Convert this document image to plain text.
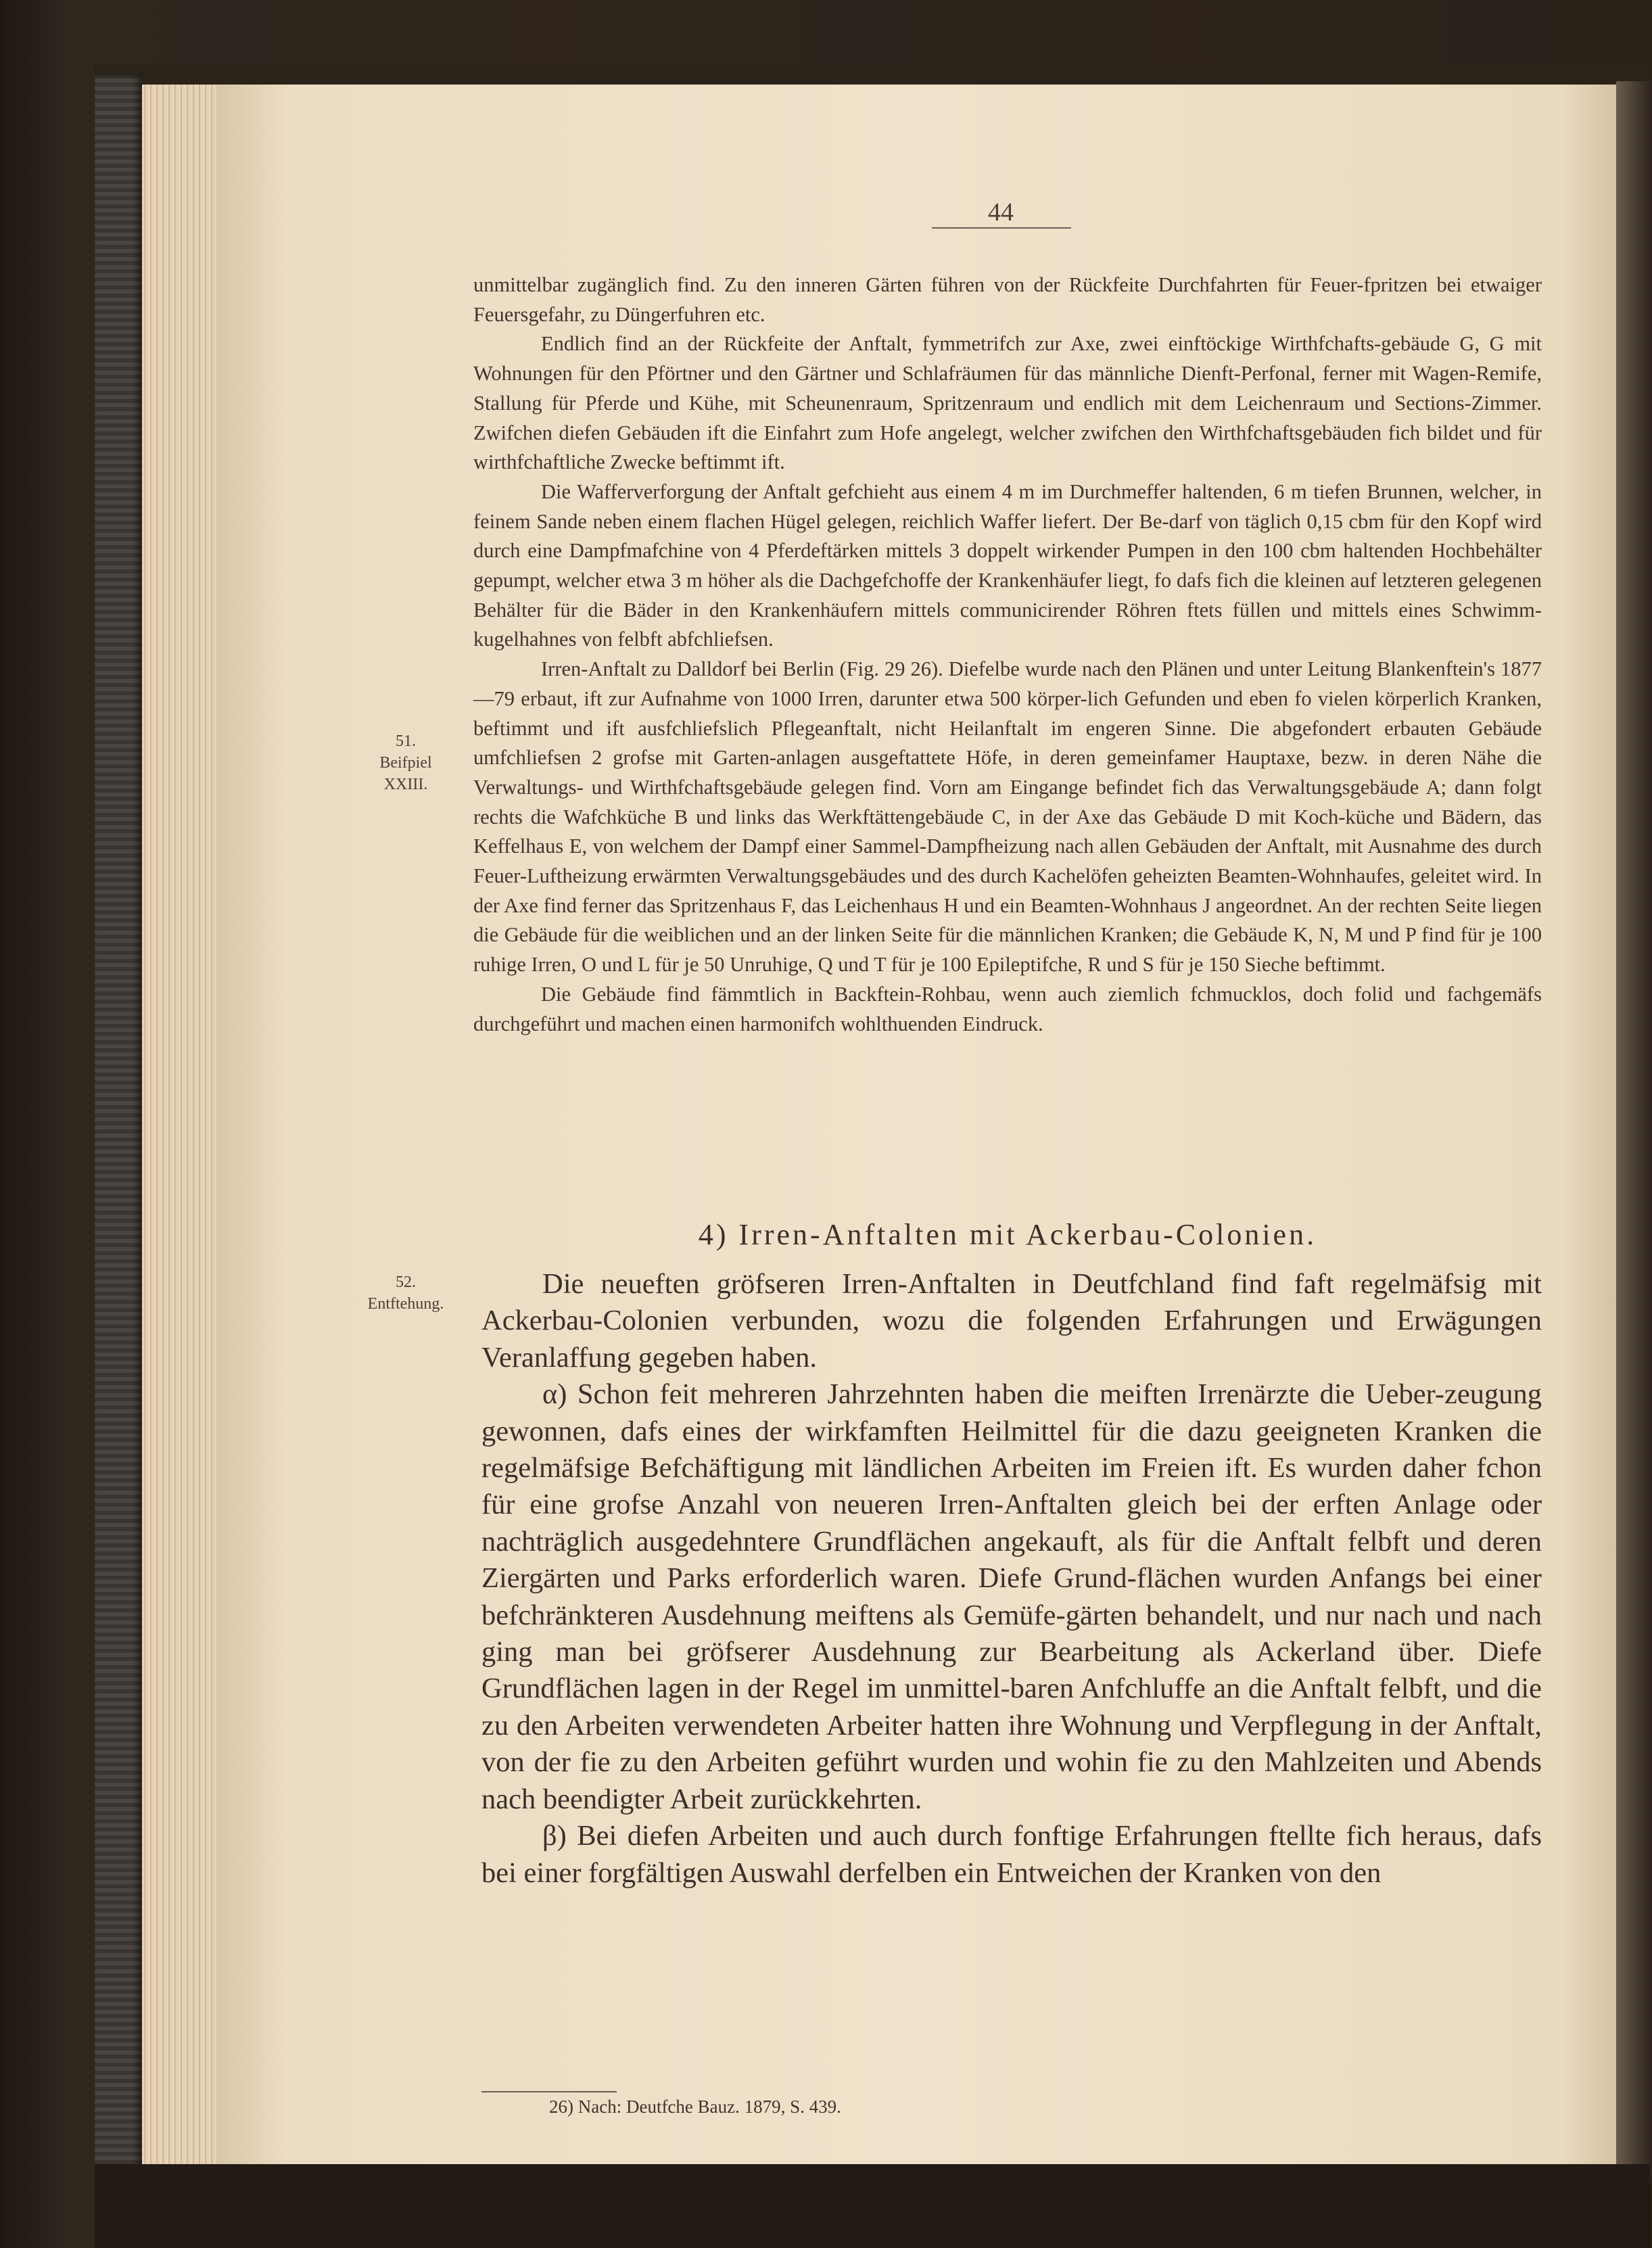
44

unmittelbar zugänglich find. Zu den inneren Gärten führen von der Rückfeite Durchfahrten für Feuer-fpritzen bei etwaiger Feuersgefahr, zu Düngerfuhren etc.

Endlich find an der Rückfeite der Anftalt, fymmetrifch zur Axe, zwei einftöckige Wirthfchafts-gebäude G, G mit Wohnungen für den Pförtner und den Gärtner und Schlafräumen für das männliche Dienft-Perfonal, ferner mit Wagen-Remife, Stallung für Pferde und Kühe, mit Scheunenraum, Spritzenraum und endlich mit dem Leichenraum und Sections-Zimmer. Zwifchen diefen Gebäuden ift die Einfahrt zum Hofe angelegt, welcher zwifchen den Wirthfchaftsgebäuden fich bildet und für wirthfchaftliche Zwecke beftimmt ift.

Die Wafferverforgung der Anftalt gefchieht aus einem 4 m im Durchmeffer haltenden, 6 m tiefen Brunnen, welcher, in feinem Sande neben einem flachen Hügel gelegen, reichlich Waffer liefert. Der Be-darf von täglich 0,15 cbm für den Kopf wird durch eine Dampfmafchine von 4 Pferdeftärken mittels 3 doppelt wirkender Pumpen in den 100 cbm haltenden Hochbehälter gepumpt, welcher etwa 3 m höher als die Dachgefchoffe der Krankenhäufer liegt, fo dafs fich die kleinen auf letzteren gelegenen Behälter für die Bäder in den Krankenhäufern mittels communicirender Röhren ftets füllen und mittels eines Schwimm-kugelhahnes von felbft abfchliefsen.

Irren-Anftalt zu Dalldorf bei Berlin (Fig. 29 26). Diefelbe wurde nach den Plänen und unter Leitung Blankenftein's 1877—79 erbaut, ift zur Aufnahme von 1000 Irren, darunter etwa 500 körper-lich Gefunden und eben fo vielen körperlich Kranken, beftimmt und ift ausfchliefslich Pflegeanftalt, nicht Heilanftalt im engeren Sinne. Die abgefondert erbauten Gebäude umfchliefsen 2 grofse mit Garten-anlagen ausgeftattete Höfe, in deren gemeinfamer Hauptaxe, bezw. in deren Nähe die Verwaltungs- und Wirthfchaftsgebäude gelegen find. Vorn am Eingange befindet fich das Verwaltungsgebäude A; dann folgt rechts die Wafchküche B und links das Werkftättengebäude C, in der Axe das Gebäude D mit Koch-küche und Bädern, das Keffelhaus E, von welchem der Dampf einer Sammel-Dampfheizung nach allen Gebäuden der Anftalt, mit Ausnahme des durch Feuer-Luftheizung erwärmten Verwaltungsgebäudes und des durch Kachelöfen geheizten Beamten-Wohnhaufes, geleitet wird. In der Axe find ferner das Spritzenhaus F, das Leichenhaus H und ein Beamten-Wohnhaus J angeordnet. An der rechten Seite liegen die Gebäude für die weiblichen und an der linken Seite für die männlichen Kranken; die Gebäude K, N, M und P find für je 100 ruhige Irren, O und L für je 50 Unruhige, Q und T für je 100 Epileptifche, R und S für je 150 Sieche beftimmt.

Die Gebäude find fämmtlich in Backftein-Rohbau, wenn auch ziemlich fchmucklos, doch folid und fachgemäfs durchgeführt und machen einen harmonifch wohlthuenden Eindruck.

51.
Beifpiel
XXIII.
4) Irren-Anftalten mit Ackerbau-Colonien.
52.
Entftehung.

Die neueften gröfseren Irren-Anftalten in Deutfchland find faft regelmäfsig mit Ackerbau-Colonien verbunden, wozu die folgenden Erfahrungen und Erwägungen Veranlaffung gegeben haben.

α) Schon feit mehreren Jahrzehnten haben die meiften Irrenärzte die Ueber-zeugung gewonnen, dafs eines der wirkfamften Heilmittel für die dazu geeigneten Kranken die regelmäfsige Befchäftigung mit ländlichen Arbeiten im Freien ift. Es wurden daher fchon für eine grofse Anzahl von neueren Irren-Anftalten gleich bei der erften Anlage oder nachträglich ausgedehntere Grundflächen angekauft, als für die Anftalt felbft und deren Ziergärten und Parks erforderlich waren. Diefe Grund-flächen wurden Anfangs bei einer befchränkteren Ausdehnung meiftens als Gemüfe-gärten behandelt, und nur nach und nach ging man bei gröfserer Ausdehnung zur Bearbeitung als Ackerland über. Diefe Grundflächen lagen in der Regel im unmittel-baren Anfchluffe an die Anftalt felbft, und die zu den Arbeiten verwendeten Arbeiter hatten ihre Wohnung und Verpflegung in der Anftalt, von der fie zu den Arbeiten geführt wurden und wohin fie zu den Mahlzeiten und Abends nach beendigter Arbeit zurückkehrten.

β) Bei diefen Arbeiten und auch durch fonftige Erfahrungen ftellte fich heraus, dafs bei einer forgfältigen Auswahl derfelben ein Entweichen der Kranken von den

26) Nach: Deutfche Bauz. 1879, S. 439.
